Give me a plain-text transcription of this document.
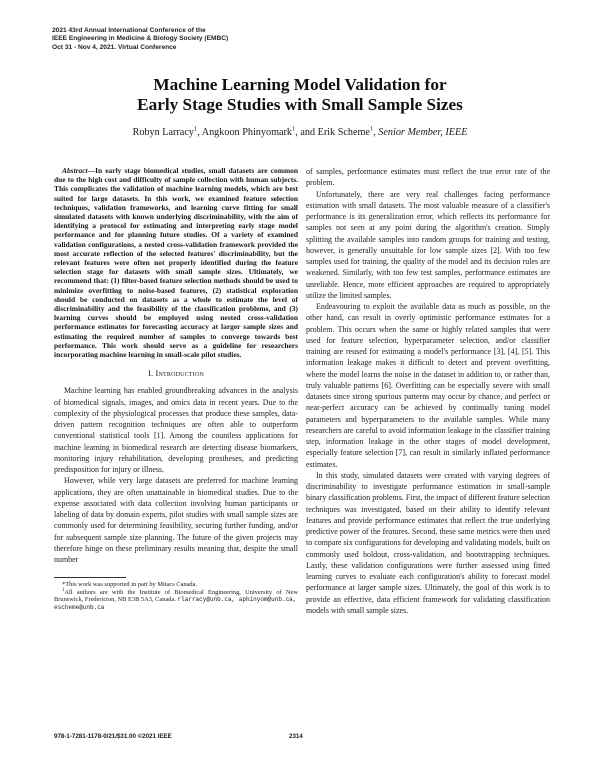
2021 43rd Annual International Conference of the
IEEE Engineering in Medicine & Biology Society (EMBC)
Oct 31 - Nov 4, 2021. Virtual Conference
Machine Learning Model Validation for
Early Stage Studies with Small Sample Sizes
Robyn Larracy$^1$, Angkoon Phinyomark$^1$, and Erik Scheme$^1$, Senior Member, IEEE
Abstract—In early stage biomedical studies, small datasets are common due to the high cost and difficulty of sample collection with human subjects. This complicates the validation of machine learning models, which are best suited for large datasets. In this work, we examined feature selection techniques, validation frameworks, and learning curve fitting for small simulated datasets with known underlying discriminability, with the aim of identifying a protocol for estimating and interpreting early stage model performance and for planning future studies. Of a variety of examined validation configurations, a nested cross-validation framework provided the most accurate reflection of the selected features' discriminability, but the relevant features were often not properly identified during the feature selection stage for datasets with small sample sizes. Ultimately, we recommend that: (1) filter-based feature selection methods should be used to minimize overfitting to noise-based features, (2) statistical exploration should be conducted on datasets as a whole to estimate the level of discriminability and the feasibility of the classification problems, and (3) learning curves should be employed using nested cross-validation performance estimates for forecasting accuracy at larger sample sizes and estimating the required number of samples to converge towards best performance. This work should serve as a guideline for researchers incorporating machine learning in small-scale pilot studies.
I. Introduction

Machine learning has enabled groundbreaking advances in the analysis of biomedical signals, images, and omics data in recent years. Due to the complexity of the physiological processes that produce these samples, data-driven pattern recognition techniques are often able to outperform conventional statistical tools [1]. Among the countless applications for machine learning in biomedical research are detecting disease biomarkers, monitoring injury rehabilitation, developing prostheses, and predicting predisposition for injury or illness.

However, while very large datasets are preferred for machine learning applications, they are often unattainable in biomedical studies. Due to the expense associated with data collection involving human participants or labeling of data by domain experts, pilot studies with small sample sizes are commonly used for determining feasibility, securing further funding, and/or for subsequent sample size planning. The future of the given projects may therefore hinge on these preliminary results meaning that, despite the small number

*This work was supported in part by Mitacs Canada.
$^1$All authors are with the Institute of Biomedical Engineering, University of New Brunswick, Fredericton, NB E3B 5A3, Canada. rlarracy@unb.ca, aphinyom@unb.ca,
escheme@unb.ca

of samples, performance estimates must reflect the true error rate of the problem.

Unfortunately, there are very real challenges facing performance estimation with small datasets. The most valuable measure of a classifier's performance is its generalization error, which reflects its performance for samples not seen at any point during the algorithm's creation. Simply splitting the available samples into random groups for training and testing, however, is generally unsuitable for low sample sizes [2]. With too few samples used for training, the quality of the model and its decision rules are weakened. Similarly, with too few test samples, performance estimates are unreliable. Hence, more efficient approaches are required to appropriately utilize the limited samples.

Endeavouring to exploit the available data as much as possible, on the other hand, can result in overly optimistic performance estimates for a problem. This occurs when the same or highly related samples that were used for feature selection, hyperparameter selection, and/or classifier training are reused for estimating a model's performance [3], [4], [5]. This information leakage makes it difficult to detect and prevent overfitting, where the model learns the noise in the dataset in addition to, or rather than, truly valuable patterns [6]. Overfitting can be especially severe with small datasets since strong spurious patterns may occur by chance, and perfect or near-perfect accuracy can be achieved by continually tuning model parameters and hyperparameters to the available samples. While many researchers are careful to avoid information leakage in the classifier training step, information leakage in the other stages of model development, especially feature selection [7], can result in similarly inflated performance estimates.

In this study, simulated datasets were created with varying degrees of discriminability to investigate performance estimation in small-sample binary classification problems. First, the impact of different feature selection techniques was investigated, based on their ability to identify relevant features and provide performance estimates that reflect the true underlying predictive power of the features. Second, these same metrics were then used to compare six configurations for developing and validating models, built on commonly used holdout, cross-validation, and bootstrapping techniques. Lastly, these validation configurations were further assessed using fitted learning curves to evaluate each configuration's ability to forecast model performance at larger sample sizes. Ultimately, the goal of this work is to provide an effective, data efficient framework for validating classification models with small sample sizes.

978-1-7281-1178-0/21/$31.00 ©2021 IEEE	2314
